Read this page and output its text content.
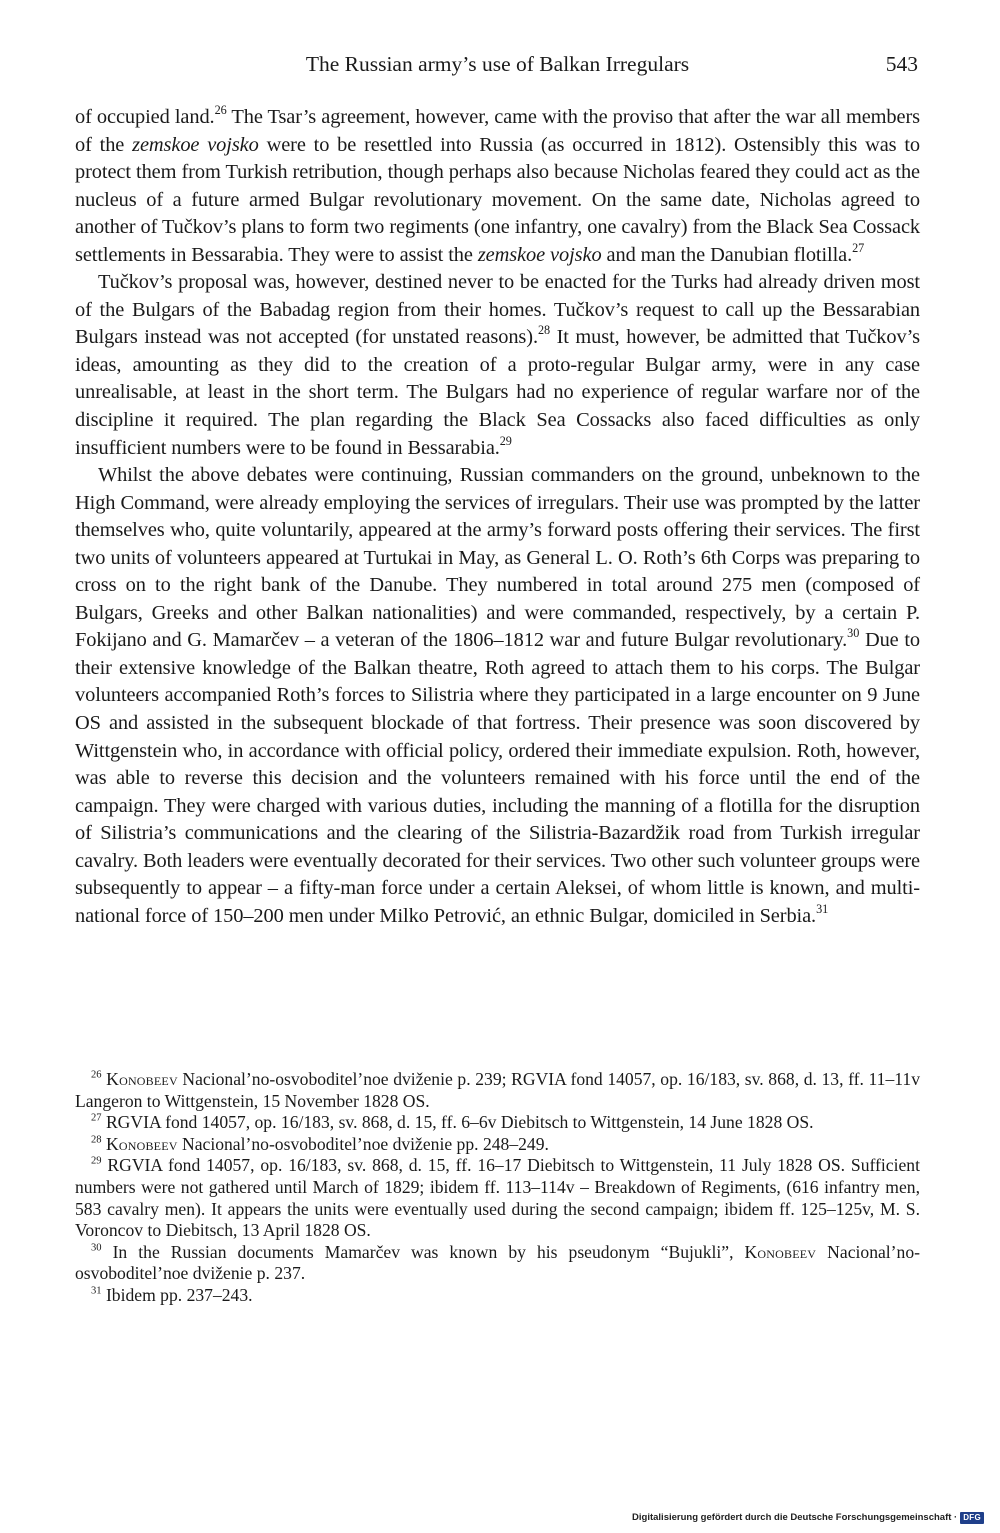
The Russian army’s use of Balkan Irregulars	543

of occupied land.$^{26}$ The Tsar’s agreement, however, came with the proviso that after the war all members of the zemskoe vojsko were to be resettled into Russia (as occurred in 1812). Ostensibly this was to protect them from Turkish retribution, though perhaps also because Nicholas feared they could act as the nucleus of a future armed Bulgar revolutionary movement. On the same date, Nicholas agreed to another of Tučkov’s plans to form two regiments (one infantry, one cavalry) from the Black Sea Cossack settlements in Bessarabia. They were to assist the zemskoe vojsko and man the Danubian flotilla.$^{27}$

Tučkov’s proposal was, however, destined never to be enacted for the Turks had already driven most of the Bulgars of the Babadag region from their homes. Tučkov’s request to call up the Bessarabian Bulgars instead was not accepted (for unstated reasons).$^{28}$ It must, however, be admitted that Tučkov’s ideas, amounting as they did to the creation of a proto-regular Bulgar army, were in any case unrealisable, at least in the short term. The Bulgars had no experience of regular warfare nor of the discipline it required. The plan regarding the Black Sea Cossacks also faced difficulties as only insufficient numbers were to be found in Bessarabia.$^{29}$

Whilst the above debates were continuing, Russian commanders on the ground, unbeknown to the High Command, were already employing the services of irregulars. Their use was prompted by the latter themselves who, quite voluntarily, appeared at the army’s forward posts offering their services. The first two units of volunteers appeared at Turtukai in May, as General L. O. Roth’s 6th Corps was preparing to cross on to the right bank of the Danube. They numbered in total around 275 men (composed of Bulgars, Greeks and other Balkan nationalities) and were commanded, respectively, by a certain P. Fokijano and G. Mamarčev – a veteran of the 1806–1812 war and future Bulgar revolutionary.$^{30}$ Due to their extensive knowledge of the Balkan theatre, Roth agreed to attach them to his corps. The Bulgar volunteers accompanied Roth’s forces to Silistria where they participated in a large encounter on 9 June OS and assisted in the subsequent blockade of that fortress. Their presence was soon discovered by Wittgenstein who, in accordance with official policy, ordered their immediate expulsion. Roth, however, was able to reverse this decision and the volunteers remained with his force until the end of the campaign. They were charged with various duties, including the manning of a flotilla for the disruption of Silistria’s communications and the clearing of the Silistria-Bazardžik road from Turkish irregular cavalry. Both leaders were eventually decorated for their services. Two other such volunteer groups were subsequently to appear – a fifty-man force under a certain Aleksei, of whom little is known, and multi-national force of 150–200 men under Milko Petrović, an ethnic Bulgar, domiciled in Serbia.$^{31}$

$^{26}$ Konobeev Nacional’no-osvoboditel’noe dviženie p. 239; RGVIA fond 14057, op. 16/183, sv. 868, d. 13, ff. 11–11v Langeron to Wittgenstein, 15 November 1828 OS.

$^{27}$ RGVIA fond 14057, op. 16/183, sv. 868, d. 15, ff. 6–6v Diebitsch to Wittgenstein, 14 June 1828 OS.

$^{28}$ Konobeev Nacional’no-osvoboditel’noe dviženie pp. 248–249.

$^{29}$ RGVIA fond 14057, op. 16/183, sv. 868, d. 15, ff. 16–17 Diebitsch to Wittgenstein, 11 July 1828 OS. Sufficient numbers were not gathered until March of 1829; ibidem ff. 113–114v – Breakdown of Regiments, (616 infantry men, 583 cavalry men). It appears the units were eventually used during the second campaign; ibidem ff. 125–125v, M. S. Voroncov to Diebitsch, 13 April 1828 OS.

$^{30}$ In the Russian documents Mamarčev was known by his pseudonym “Bujukli”, Konobeev Nacional’no-osvoboditel’noe dviženie p. 237.

$^{31}$ Ibidem pp. 237–243.

Digitalisierung gefördert durch die Deutsche Forschungsgemeinschaft · DFG
